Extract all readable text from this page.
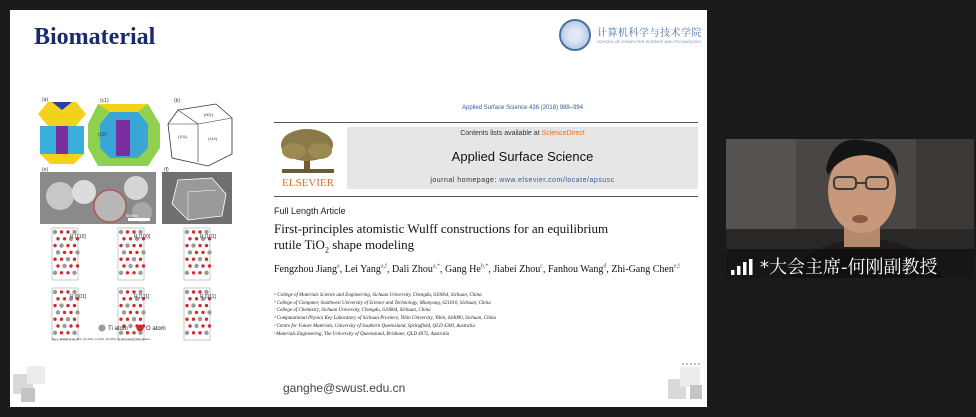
Biomaterial	计算机科学与技术学院
SCHOOL OF COMPUTER SCIENCE AND TECHNOLOGY
(a)	(c1)
(c2)
(b)
(001)
(101)	(110)
500nm
(e)	(f)
R [110]	R [100]	R [101]
R [001]	R [111]	R [011]
Ti atom	O atom
Fig. 1. Models of (a) (110), (b) (100), (c) (101), (d) (001), (e) (111) and (f) (011) planes.
Applied Surface Science 436 (2018) 989–994
ELSEVIER
Contents lists available at ScienceDirect
Applied Surface Science
journal homepage: www.elsevier.com/locate/apsusc
Full Length Article
First-principles atomistic Wulff constructions for an equilibrium
rutile TiO$_2$ shape modeling
Fengzhou Jiang$^a$, Lei Yang$^{a,f}$, Dali Zhou$^{a,*}$, Gang $He^{b,*}$, Jiabei Zhou$^c$, Fanhou Wang$^d$, Zhi-Gang Chen$^{e,f}$
ᵃ College of Materials Science and Engineering, Sichuan University, Chengdu, 610064, Sichuan, China
ᵇ College of Computer, Southwest University of Science and Technology, Mianyang, 621010, Sichuan, China
ᶜ College of Chemistry, Sichuan University, Chengdu, 610064, Sichuan, China
ᵈ Computational Physics Key Laboratory of Sichuan Province, Yibin University, Yibin, 644000, Sichuan, China
ᵉ Centre for Future Materials, University of Southern Queensland, Springfield, QLD 4300, Australia
ᶠ Materials Engineering, The University of Queensland, Brisbane, QLD 4072, Australia
ganghe@swust.edu.cn
*大会主席-何刚副教授
